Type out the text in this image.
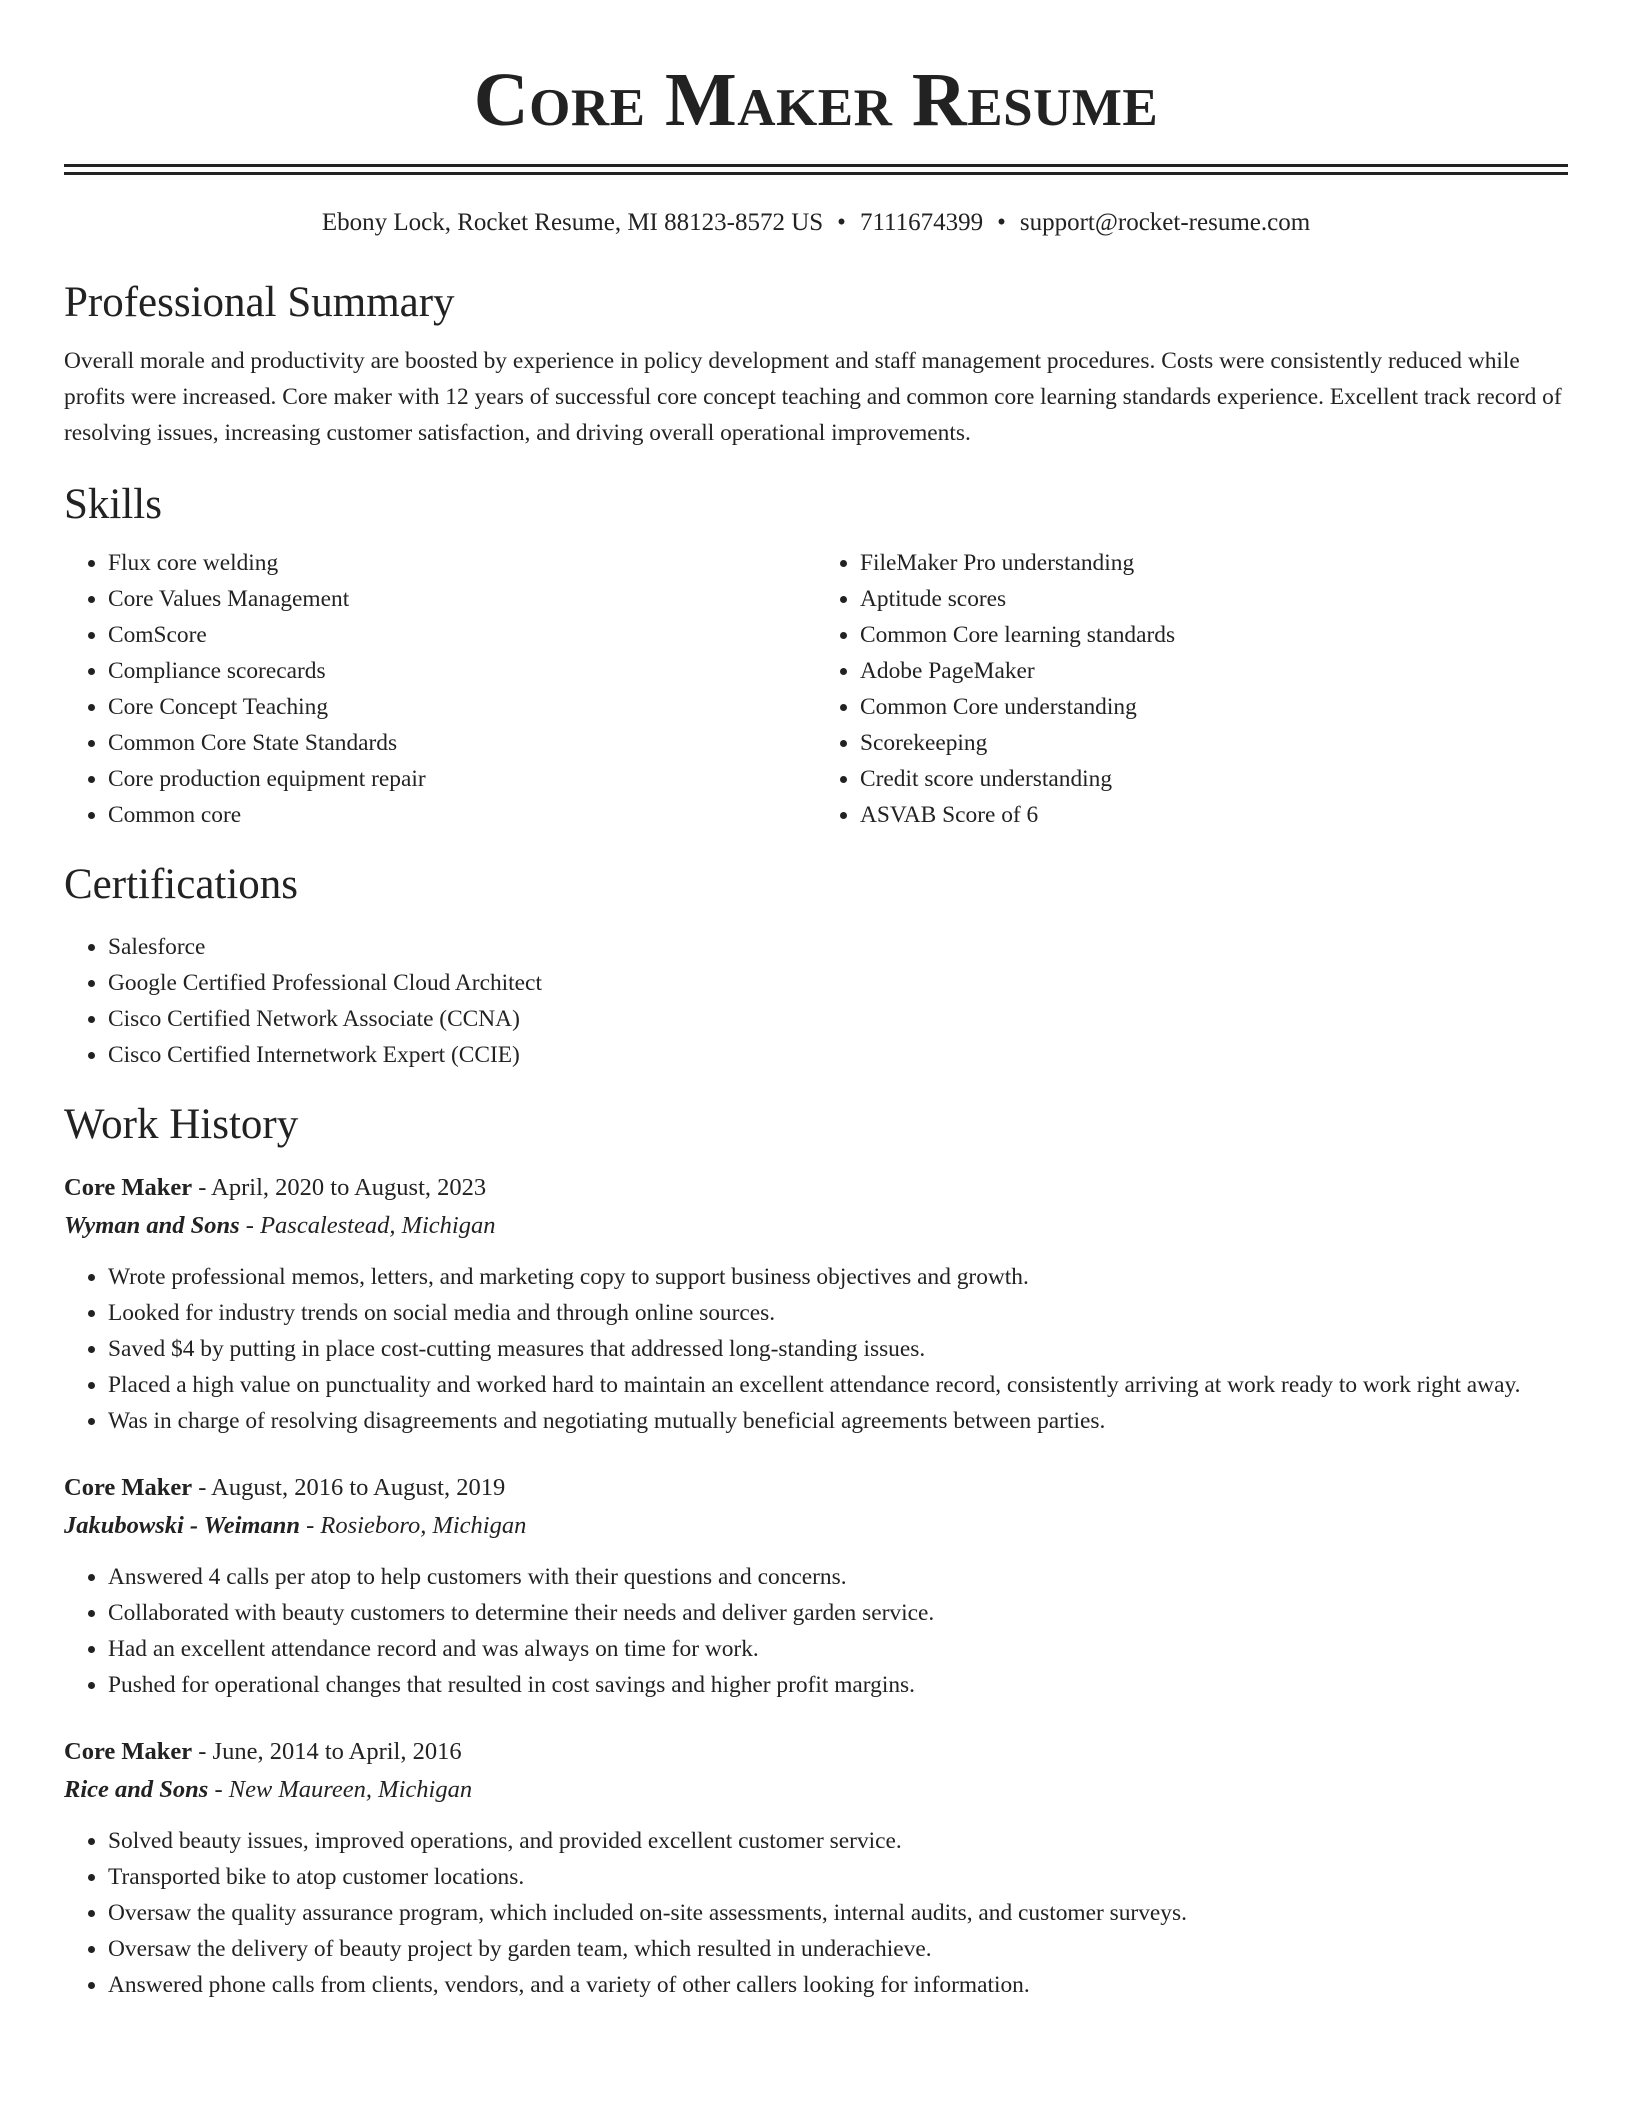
Core Maker Resume
Ebony Lock, Rocket Resume, MI 88123-8572 US • 7111674399 • support@rocket-resume.com
Professional Summary

Overall morale and productivity are boosted by experience in policy development and staff management procedures. Costs were consistently reduced while profits were increased. Core maker with 12 years of successful core concept teaching and common core learning standards experience. Excellent track record of resolving issues, increasing customer satisfaction, and driving overall operational improvements.

Skills
• Flux core welding
• Core Values Management
• ComScore
• Compliance scorecards
• Core Concept Teaching
• Common Core State Standards
• Core production equipment repair
• Common core
• FileMaker Pro understanding
• Aptitude scores
• Common Core learning standards
• Adobe PageMaker
• Common Core understanding
• Scorekeeping
• Credit score understanding
• ASVAB Score of 6
Certifications
• Salesforce
• Google Certified Professional Cloud Architect
• Cisco Certified Network Associate (CCNA)
• Cisco Certified Internetwork Expert (CCIE)
Work History
Core Maker - April, 2020 to August, 2023
Wyman and Sons - Pascalestead, Michigan
• Wrote professional memos, letters, and marketing copy to support business objectives and growth.
• Looked for industry trends on social media and through online sources.
• Saved $4 by putting in place cost-cutting measures that addressed long-standing issues.
• Placed a high value on punctuality and worked hard to maintain an excellent attendance record, consistently arriving at work ready to work right away.
• Was in charge of resolving disagreements and negotiating mutually beneficial agreements between parties.
Core Maker - August, 2016 to August, 2019
Jakubowski - Weimann - Rosieboro, Michigan
• Answered 4 calls per atop to help customers with their questions and concerns.
• Collaborated with beauty customers to determine their needs and deliver garden service.
• Had an excellent attendance record and was always on time for work.
• Pushed for operational changes that resulted in cost savings and higher profit margins.
Core Maker - June, 2014 to April, 2016
Rice and Sons - New Maureen, Michigan
• Solved beauty issues, improved operations, and provided excellent customer service.
• Transported bike to atop customer locations.
• Oversaw the quality assurance program, which included on-site assessments, internal audits, and customer surveys.
• Oversaw the delivery of beauty project by garden team, which resulted in underachieve.
• Answered phone calls from clients, vendors, and a variety of other callers looking for information.
